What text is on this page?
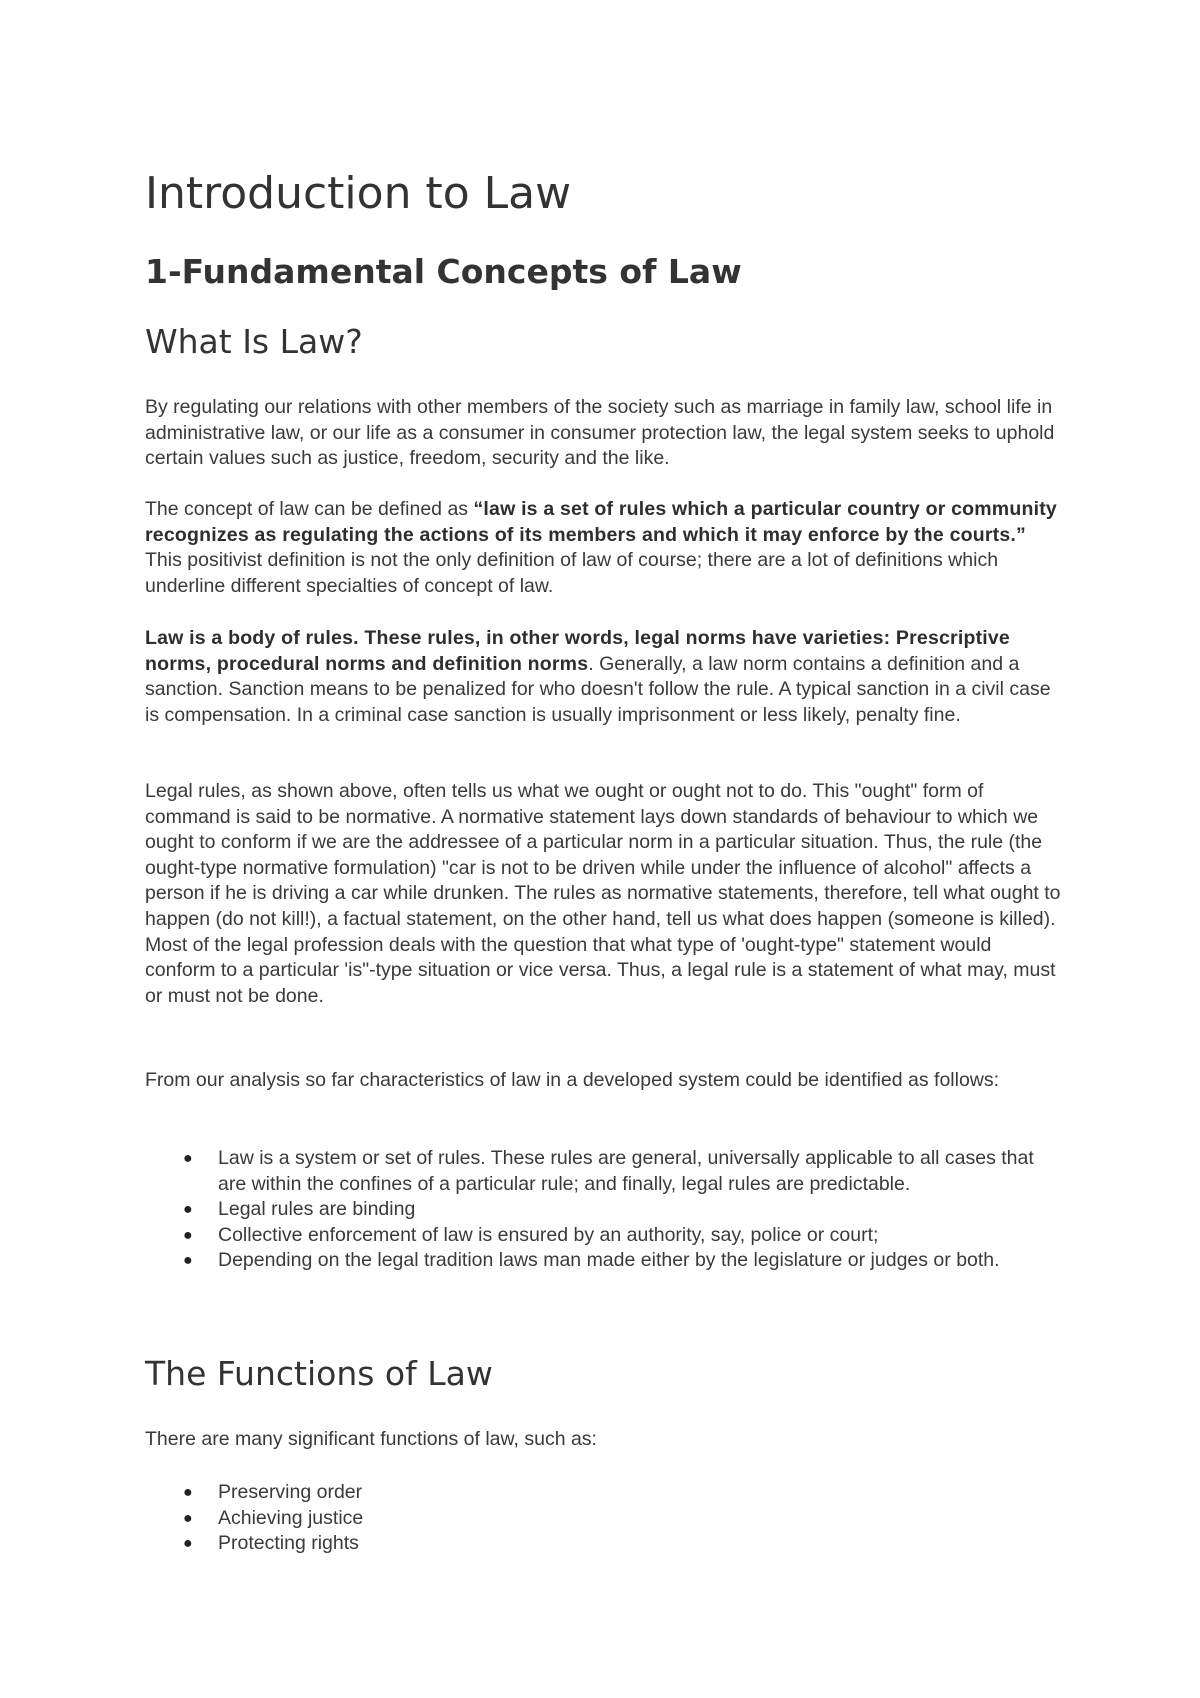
Introduction to Law
1-Fundamental Concepts of Law
What Is Law?

By regulating our relations with other members of the society such as marriage in family law, school life in administrative law, or our life as a consumer in consumer protection law, the legal system seeks to uphold certain values such as justice, freedom, security and the like.

The concept of law can be defined as “law is a set of rules which a particular country or community recognizes as regulating the actions of its members and which it may enforce by the courts.” This positivist definition is not the only definition of law of course; there are a lot of definitions which underline different specialties of concept of law.

Law is a body of rules. These rules, in other words, legal norms have varieties: Prescriptive norms, procedural norms and definition norms. Generally, a law norm contains a definition and a sanction. Sanction means to be penalized for who doesn't follow the rule. A typical sanction in a civil case is compensation. In a criminal case sanction is usually imprisonment or less likely, penalty fine.

Legal rules, as shown above, often tells us what we ought or ought not to do. This "ought" form of command is said to be normative. A normative statement lays down standards of behaviour to which we ought to conform if we are the addressee of a particular norm in a particular situation. Thus, the rule (the ought-type normative formulation) "car is not to be driven while under the influence of alcohol" affects a person if he is driving a car while drunken. The rules as normative statements, therefore, tell what ought to happen (do not kill!), a factual statement, on the other hand, tell us what does happen (someone is killed). Most of the legal profession deals with the question that what type of 'ought-type" statement would conform to a particular 'is"-type situation or vice versa. Thus, a legal rule is a statement of what may, must or must not be done.

From our analysis so far characteristics of law in a developed system could be identified as follows:

● Law is a system or set of rules. These rules are general, universally applicable to all cases that are within the confines of a particular rule; and finally, legal rules are predictable.
● Legal rules are binding
● Collective enforcement of law is ensured by an authority, say, police or court;
● Depending on the legal tradition laws man made either by the legislature or judges or both.
The Functions of Law

There are many significant functions of law, such as:

● Preserving order
● Achieving justice
● Protecting rights
